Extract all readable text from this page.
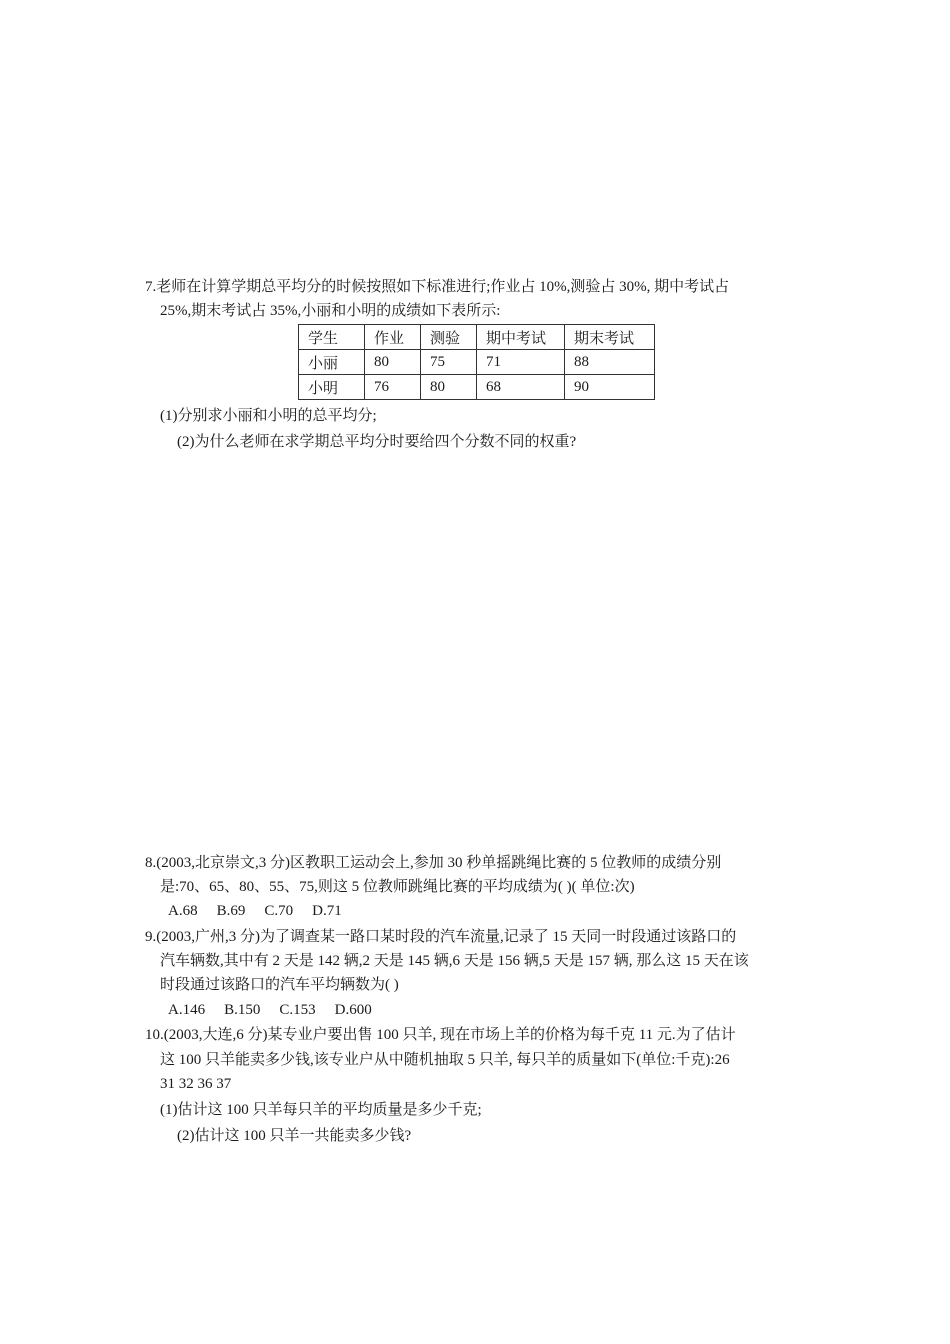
7.老师在计算学期总平均分的时候按照如下标准进行;作业占 10%,测验占 30%, 期中考试占
25%,期末考试占 35%,小丽和小明的成绩如下表所示:
学生	作业	测验	期中考试	期末考试
小丽	80	75	71	88
小明	76	80	68	90
(1)分别求小丽和小明的总平均分;
(2)为什么老师在求学期总平均分时要给四个分数不同的权重?
8.(2003,北京崇文,3 分)区教职工运动会上,参加 30 秒单摇跳绳比赛的 5 位教师的成绩分别
是:70、65、80、55、75,则这 5 位教师跳绳比赛的平均成绩为( )( 单位:次)
A.68 B.69 C.70 D.71
9.(2003,广州,3 分)为了调查某一路口某时段的汽车流量,记录了 15 天同一时段通过该路口的
汽车辆数,其中有 2 天是 142 辆,2 天是 145 辆,6 天是 156 辆,5 天是 157 辆, 那么这 15 天在该
时段通过该路口的汽车平均辆数为( )
A.146 B.150 C.153 D.600
10.(2003,大连,6 分)某专业户要出售 100 只羊, 现在市场上羊的价格为每千克 11 元.为了估计
这 100 只羊能卖多少钱,该专业户从中随机抽取 5 只羊, 每只羊的质量如下(单位:千克):26
31 32 36 37
(1)估计这 100 只羊每只羊的平均质量是多少千克;
(2)估计这 100 只羊一共能卖多少钱?
